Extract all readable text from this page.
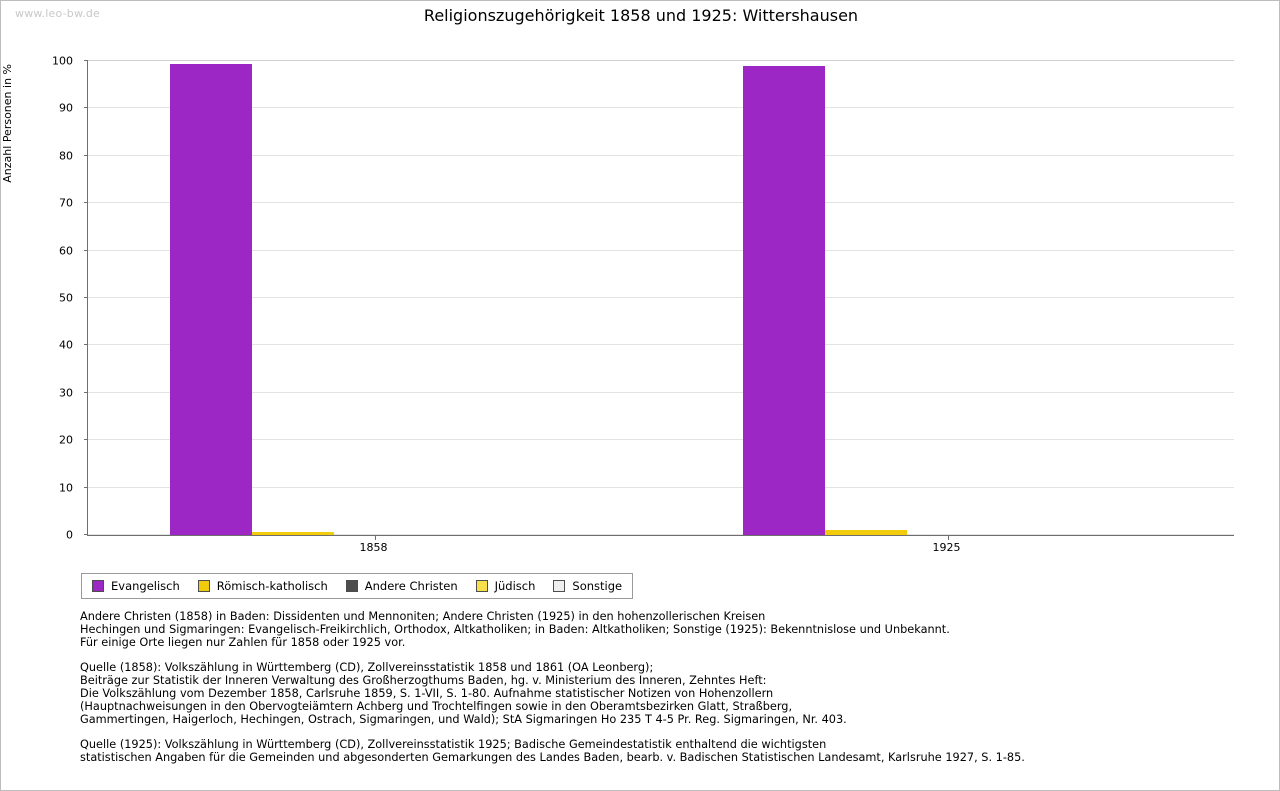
www.leo-bw.de	Religionszugehörigkeit 1858 und 1925: Wittershausen
Anzahl Personen in %
0
10
20
30
40
50
60
70
80
90
100
1858	1925
Evangelisch	Römisch-katholisch	Andere Christen	Jüdisch	Sonstige

Andere Christen (1858) in Baden: Dissidenten und Mennoniten; Andere Christen (1925) in den hohenzollerischen Kreisen
Hechingen und Sigmaringen: Evangelisch-Freikirchlich, Orthodox, Altkatholiken; in Baden: Altkatholiken; Sonstige (1925): Bekenntnislose und Unbekannt.
Für einige Orte liegen nur Zahlen für 1858 oder 1925 vor.

Quelle (1858): Volkszählung in Württemberg (CD), Zollvereinsstatistik 1858 und 1861 (OA Leonberg);
Beiträge zur Statistik der Inneren Verwaltung des Großherzogthums Baden, hg. v. Ministerium des Inneren, Zehntes Heft:
Die Volkszählung vom Dezember 1858, Carlsruhe 1859, S. 1-VII, S. 1-80. Aufnahme statistischer Notizen von Hohenzollern
(Hauptnachweisungen in den Obervogteiämtern Achberg und Trochtelfingen sowie in den Oberamtsbezirken Glatt, Straßberg,
Gammertingen, Haigerloch, Hechingen, Ostrach, Sigmaringen, und Wald); StA Sigmaringen Ho 235 T 4-5 Pr. Reg. Sigmaringen, Nr. 403.

Quelle (1925): Volkszählung in Württemberg (CD), Zollvereinsstatistik 1925; Badische Gemeindestatistik enthaltend die wichtigsten
statistischen Angaben für die Gemeinden und abgesonderten Gemarkungen des Landes Baden, bearb. v. Badischen Statistischen Landesamt, Karlsruhe 1927, S. 1-85.
